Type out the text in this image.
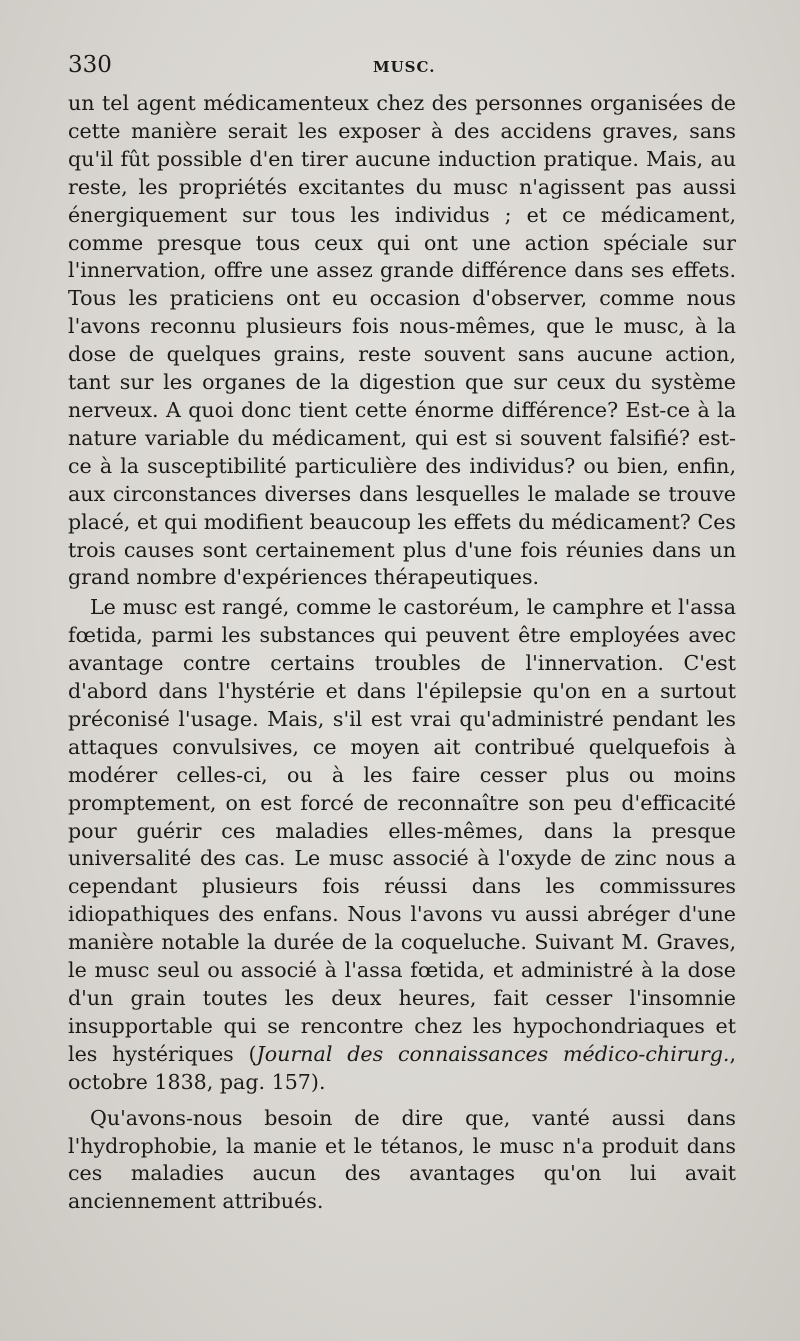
330	MUSC.

un tel agent médicamenteux chez des personnes organisées de cette manière serait les exposer à des accidens graves, sans qu'il fût possible d'en tirer aucune induction pratique. Mais, au reste, les propriétés excitantes du musc n'agissent pas aussi énergiquement sur tous les individus ; et ce médicament, comme presque tous ceux qui ont une action spéciale sur l'innervation, offre une assez grande différence dans ses effets. Tous les praticiens ont eu occasion d'observer, comme nous l'avons reconnu plusieurs fois nous-mêmes, que le musc, à la dose de quelques grains, reste souvent sans aucune action, tant sur les organes de la digestion que sur ceux du système nerveux. A quoi donc tient cette énorme différence? Est-ce à la nature variable du médicament, qui est si souvent falsifié? est-ce à la susceptibilité particulière des individus? ou bien, enfin, aux circonstances diverses dans lesquelles le malade se trouve placé, et qui modifient beaucoup les effets du médicament? Ces trois causes sont certainement plus d'une fois réunies dans un grand nombre d'expériences thérapeutiques.

Le musc est rangé, comme le castoréum, le camphre et l'assa fœtida, parmi les substances qui peuvent être employées avec avantage contre certains troubles de l'innervation. C'est d'abord dans l'hystérie et dans l'épilepsie qu'on en a surtout préconisé l'usage. Mais, s'il est vrai qu'administré pendant les attaques convulsives, ce moyen ait contribué quelquefois à modérer celles-ci, ou à les faire cesser plus ou moins promptement, on est forcé de reconnaître son peu d'efficacité pour guérir ces maladies elles-mêmes, dans la presque universalité des cas. Le musc associé à l'oxyde de zinc nous a cependant plusieurs fois réussi dans les commissures idiopathiques des enfans. Nous l'avons vu aussi abréger d'une manière notable la durée de la coqueluche. Suivant M. Graves, le musc seul ou associé à l'assa fœtida, et administré à la dose d'un grain toutes les deux heures, fait cesser l'insomnie insupportable qui se rencontre chez les hypochondriaques et les hystériques (Journal des connaissances médico-chirurg., octobre 1838, pag. 157).

Qu'avons-nous besoin de dire que, vanté aussi dans l'hydrophobie, la manie et le tétanos, le musc n'a produit dans ces maladies aucun des avantages qu'on lui avait anciennement attribués.
